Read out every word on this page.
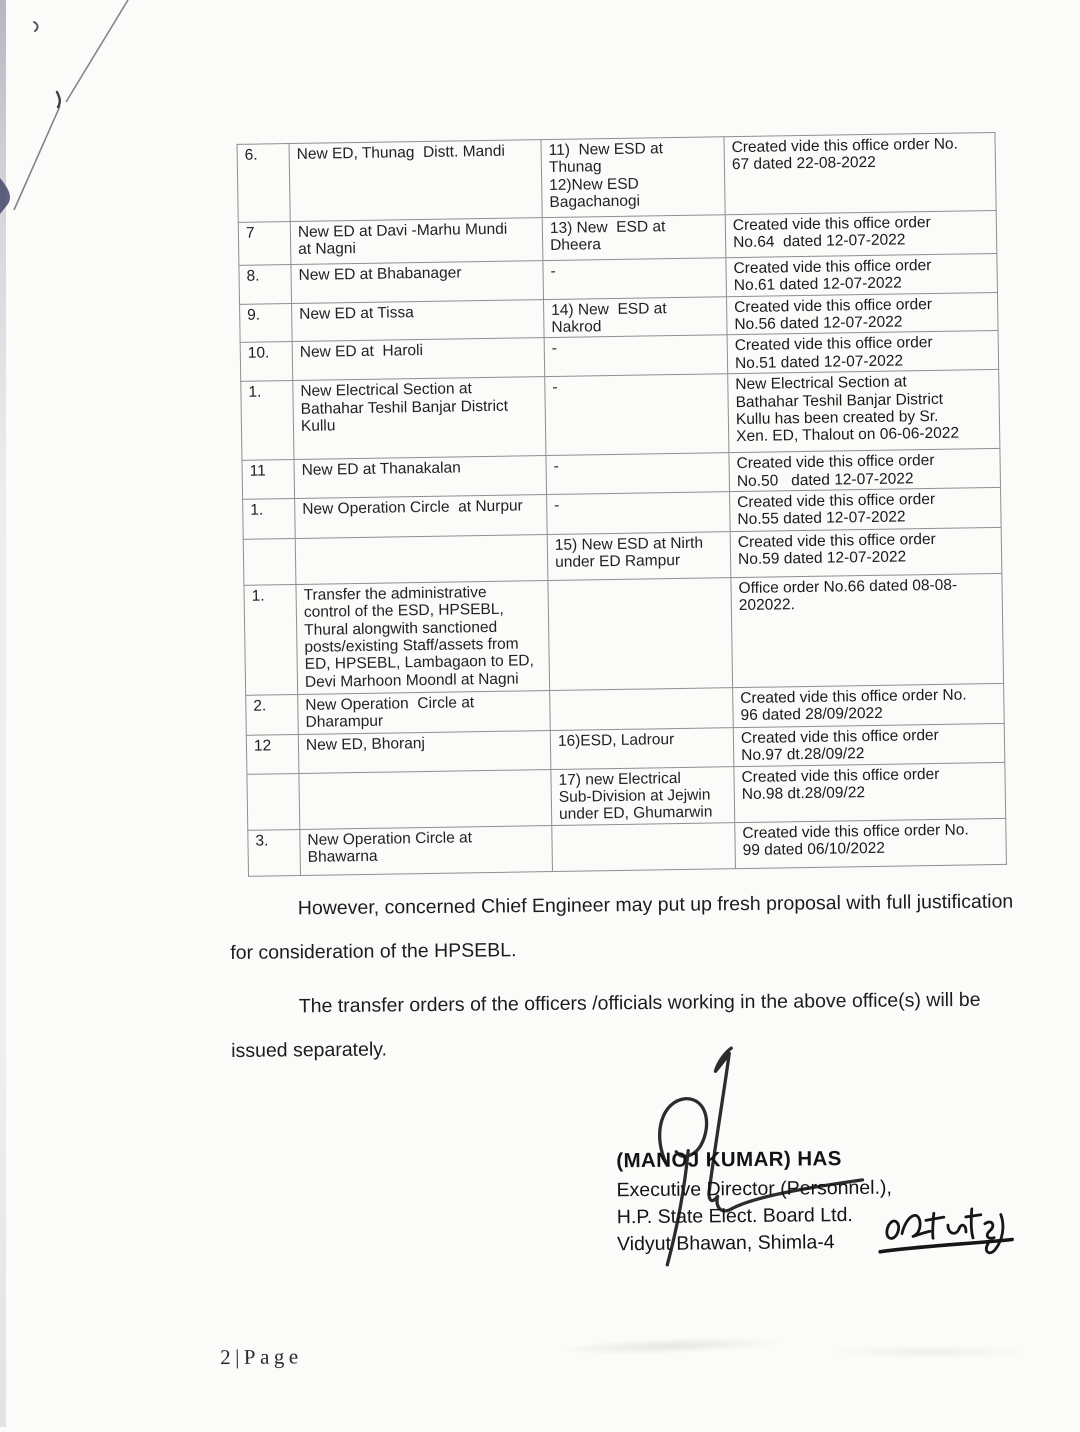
6.	New ED, Thunag  Distt. Mandi	11)  New ESD at
Thunag
12)New ESD
Bagachanogi	Created vide this office order No.
67 dated 22-08-2022
7	New ED at Davi -Marhu Mundi
at Nagni	13) New  ESD at
Dheera	Created vide this office order
No.64  dated 12-07-2022
8.	New ED at Bhabanager	-	Created vide this office order
No.61 dated 12-07-2022
9.	New ED at Tissa	14) New  ESD at
Nakrod	Created vide this office order
No.56 dated 12-07-2022
10.	New ED at  Haroli	-	Created vide this office order
No.51 dated 12-07-2022
1.	New Electrical Section at
Bathahar Teshil Banjar District
Kullu	-	New Electrical Section at
Bathahar Teshil Banjar District
Kullu has been created by Sr.
Xen. ED, Thalout on 06-06-2022
11	New ED at Thanakalan	-	Created vide this office order
No.50   dated 12-07-2022
1.	New Operation Circle  at Nurpur	-	Created vide this office order
No.55 dated 12-07-2022
		15) New ESD at Nirth
under ED Rampur	Created vide this office order
No.59 dated 12-07-2022
1.	Transfer the administrative
control of the ESD, HPSEBL,
Thural alongwith sanctioned
posts/existing Staff/assets from
ED, HPSEBL, Lambagaon to ED,
Devi Marhoon Moondl at Nagni		Office order No.66 dated 08-08-
202022.
2.	New Operation  Circle at
Dharampur		Created vide this office order No.
96 dated 28/09/2022
12	New ED, Bhoranj	16)ESD, Ladrour	Created vide this office order
No.97 dt.28/09/22
		17) new Electrical
Sub-Division at Jejwin
under ED, Ghumarwin	Created vide this office order
No.98 dt.28/09/22
3.	New Operation Circle at
Bhawarna		Created vide this office order No.
99 dated 06/10/2022

However, concerned Chief Engineer may put up fresh proposal with full justification for consideration of the HPSEBL.

The transfer orders of the officers /officials working in the above office(s) will be issued separately.

(MANOJ KUMAR) HAS
Executive Director (Personnel.),
H.P. State Elect. Board Ltd.
Vidyut Bhawan, Shimla-4
2|Page
